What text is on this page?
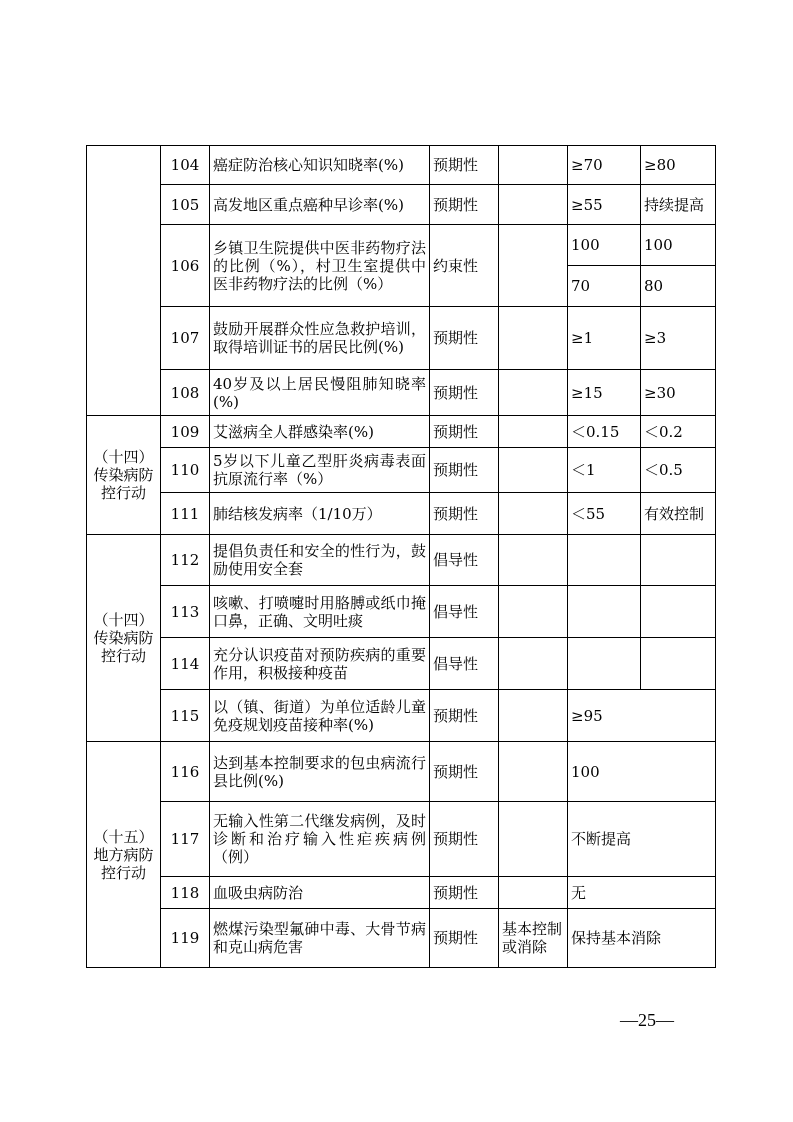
	104	癌症防治核心知识知晓率(%)	预期性		≥70	≥80
	105	高发地区重点癌种早诊率(%)	预期性		≥55	持续提高
	106	乡镇卫生院提供中医非药物疗法的比例（%），村卫生室提供中医非药物疗法的比例（%）	约束性		100	100
					70	80
	107	鼓励开展群众性应急救护培训，取得培训证书的居民比例(%)	预期性		≥1	≥3
	108	40岁及以上居民慢阻肺知晓率(%)	预期性		≥15	≥30
（十四）传染病防控行动	109	艾滋病全人群感染率(%)	预期性		＜0.15	＜0.2
	110	5岁以下儿童乙型肝炎病毒表面抗原流行率（%）	预期性		＜1	＜0.5
	111	肺结核发病率（1/10万）	预期性		＜55	有效控制
（十四）传染病防控行动	112	提倡负责任和安全的性行为，鼓励使用安全套	倡导性			
	113	咳嗽、打喷嚏时用胳膊或纸巾掩口鼻，正确、文明吐痰	倡导性			
	114	充分认识疫苗对预防疾病的重要作用，积极接种疫苗	倡导性			
	115	以（镇、街道）为单位适龄儿童免疫规划疫苗接种率(%)	预期性		≥95	
（十五）地方病防控行动	116	达到基本控制要求的包虫病流行县比例(%)	预期性		100	
	117	无输入性第二代继发病例，及时诊断和治疗输入性疟疾病例（例）	预期性		不断提高	
	118	血吸虫病防治	预期性		无	
	119	燃煤污染型氟砷中毒、大骨节病和克山病危害	预期性	基本控制或消除	保持基本消除	
—25—
